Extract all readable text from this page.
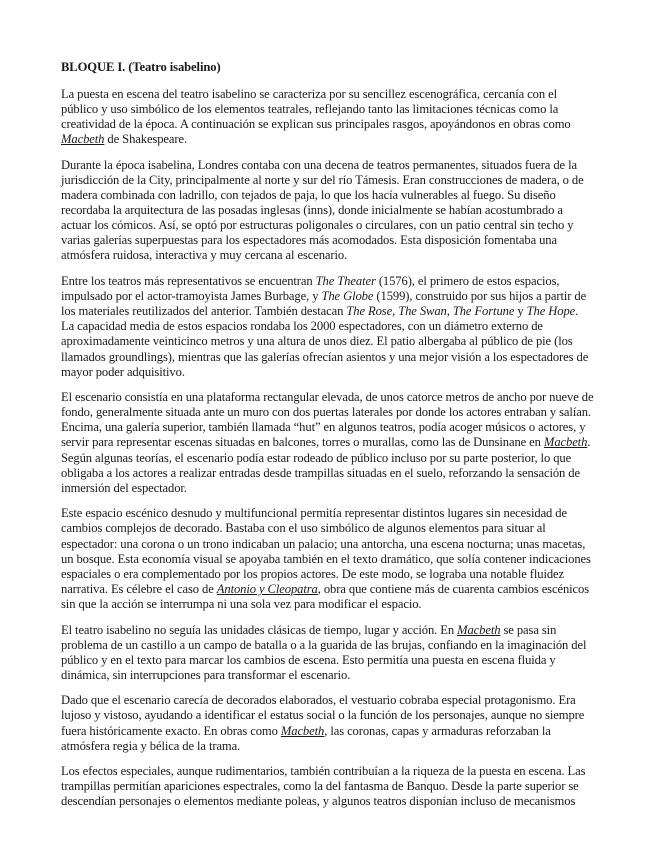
BLOQUE I. (Teatro isabelino)

La puesta en escena del teatro isabelino se caracteriza por su sencillez escenográfica, cercanía con el público y uso simbólico de los elementos teatrales, reflejando tanto las limitaciones técnicas como la creatividad de la época. A continuación se explican sus principales rasgos, apoyándonos en obras como Macbeth de Shakespeare.

Durante la época isabelina, Londres contaba con una decena de teatros permanentes, situados fuera de la jurisdicción de la City, principalmente al norte y sur del río Támesis. Eran construcciones de madera, o de madera combinada con ladrillo, con tejados de paja, lo que los hacía vulnerables al fuego. Su diseño recordaba la arquitectura de las posadas inglesas (inns), donde inicialmente se habían acostumbrado a actuar los cómicos. Así, se optó por estructuras poligonales o circulares, con un patio central sin techo y varias galerías superpuestas para los espectadores más acomodados. Esta disposición fomentaba una atmósfera ruidosa, interactiva y muy cercana al escenario.

Entre los teatros más representativos se encuentran The Theater (1576), el primero de estos espacios, impulsado por el actor-tramoyista James Burbage, y The Globe (1599), construido por sus hijos a partir de los materiales reutilizados del anterior. También destacan The Rose, The Swan, The Fortune y The Hope. La capacidad media de estos espacios rondaba los 2000 espectadores, con un diámetro externo de aproximadamente veinticinco metros y una altura de unos diez. El patio albergaba al público de pie (los llamados groundlings), mientras que las galerías ofrecían asientos y una mejor visión a los espectadores de mayor poder adquisitivo.

El escenario consistía en una plataforma rectangular elevada, de unos catorce metros de ancho por nueve de fondo, generalmente situada ante un muro con dos puertas laterales por donde los actores entraban y salían. Encima, una galería superior, también llamada “hut” en algunos teatros, podía acoger músicos o actores, y servir para representar escenas situadas en balcones, torres o murallas, como las de Dunsinane en Macbeth. Según algunas teorías, el escenario podía estar rodeado de público incluso por su parte posterior, lo que obligaba a los actores a realizar entradas desde trampillas situadas en el suelo, reforzando la sensación de inmersión del espectador.

Este espacio escénico desnudo y multifuncional permitía representar distintos lugares sin necesidad de cambios complejos de decorado. Bastaba con el uso simbólico de algunos elementos para situar al espectador: una corona o un trono indicaban un palacio; una antorcha, una escena nocturna; unas macetas, un bosque. Esta economía visual se apoyaba también en el texto dramático, que solía contener indicaciones espaciales o era complementado por los propios actores. De este modo, se lograba una notable fluidez narrativa. Es célebre el caso de Antonio y Cleopatra, obra que contiene más de cuarenta cambios escénicos sin que la acción se interrumpa ni una sola vez para modificar el espacio.

El teatro isabelino no seguía las unidades clásicas de tiempo, lugar y acción. En Macbeth se pasa sin problema de un castillo a un campo de batalla o a la guarida de las brujas, confiando en la imaginación del público y en el texto para marcar los cambios de escena. Esto permitía una puesta en escena fluida y dinámica, sin interrupciones para transformar el escenario.

Dado que el escenario carecía de decorados elaborados, el vestuario cobraba especial protagonismo. Era lujoso y vistoso, ayudando a identificar el estatus social o la función de los personajes, aunque no siempre fuera históricamente exacto. En obras como Macbeth, las coronas, capas y armaduras reforzaban la atmósfera regia y bélica de la trama.

Los efectos especiales, aunque rudimentarios, también contribuían a la riqueza de la puesta en escena. Las trampillas permitían apariciones espectrales, como la del fantasma de Banquo. Desde la parte superior se descendían personajes o elementos mediante poleas, y algunos teatros disponían incluso de mecanismos
